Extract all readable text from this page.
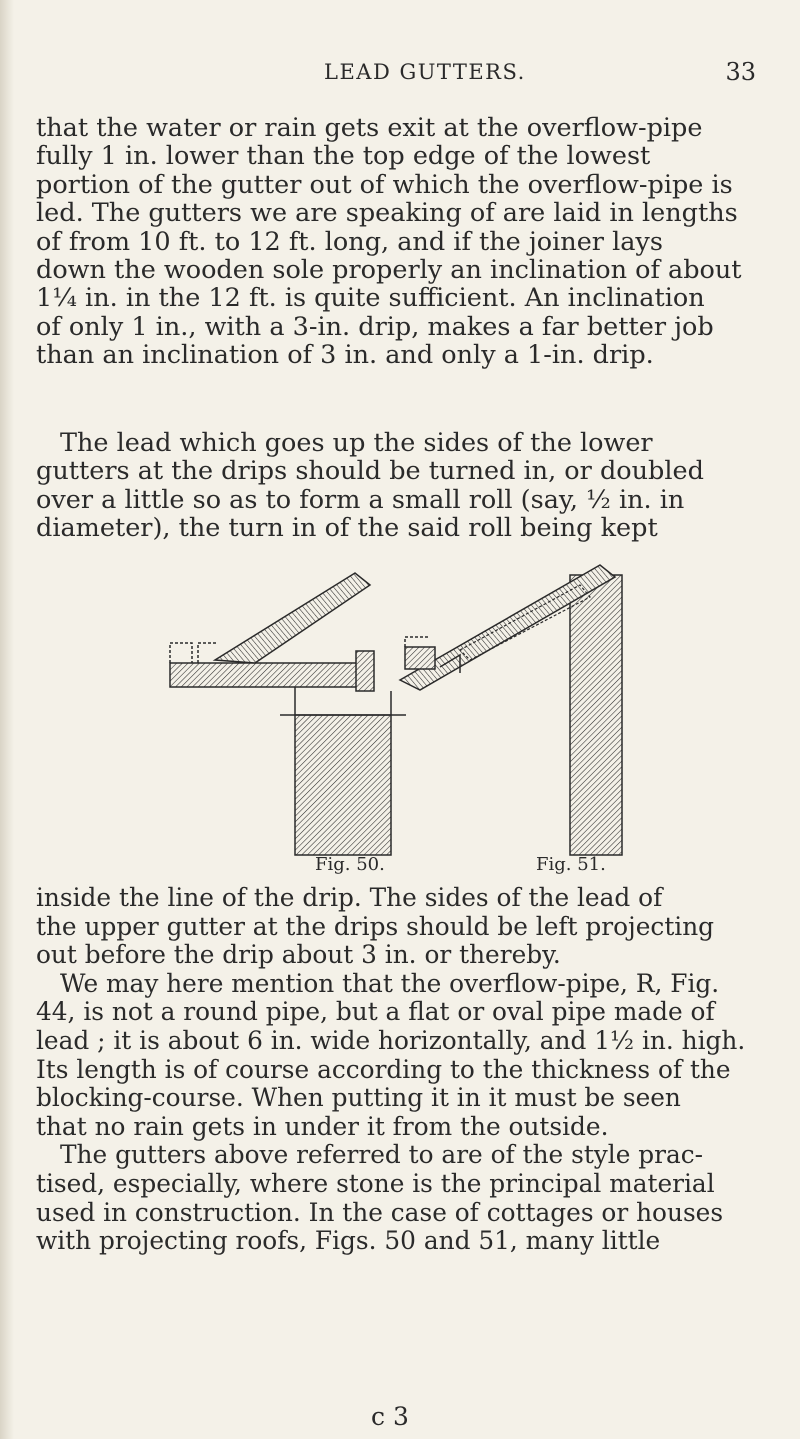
LEAD GUTTERS.	33
that the water or rain gets exit at the overflow-pipe
fully 1 in. lower than the top edge of the lowest
portion of the gutter out of which the overflow-pipe is
led. The gutters we are speaking of are laid in lengths
of from 10 ft. to 12 ft. long, and if the joiner lays
down the wooden sole properly an inclination of about
1¼ in. in the 12 ft. is quite sufficient. An inclination
of only 1 in., with a 3-in. drip, makes a far better job
than an inclination of 3 in. and only a 1-in. drip.
The lead which goes up the sides of the lower
gutters at the drips should be turned in, or doubled
over a little so as to form a small roll (say, ½ in. in
diameter), the turn in of the said roll being kept
Fig. 50.	Fig. 51.
inside the line of the drip. The sides of the lead of
the upper gutter at the drips should be left projecting
out before the drip about 3 in. or thereby.
We may here mention that the overflow-pipe, R, Fig.
44, is not a round pipe, but a flat or oval pipe made of
lead ; it is about 6 in. wide horizontally, and 1½ in. high.
Its length is of course according to the thickness of the
blocking-course. When putting it in it must be seen
that no rain gets in under it from the outside.
The gutters above referred to are of the style prac-
tised, especially, where stone is the principal material
used in construction. In the case of cottages or houses
with projecting roofs, Figs. 50 and 51, many little
c 3
